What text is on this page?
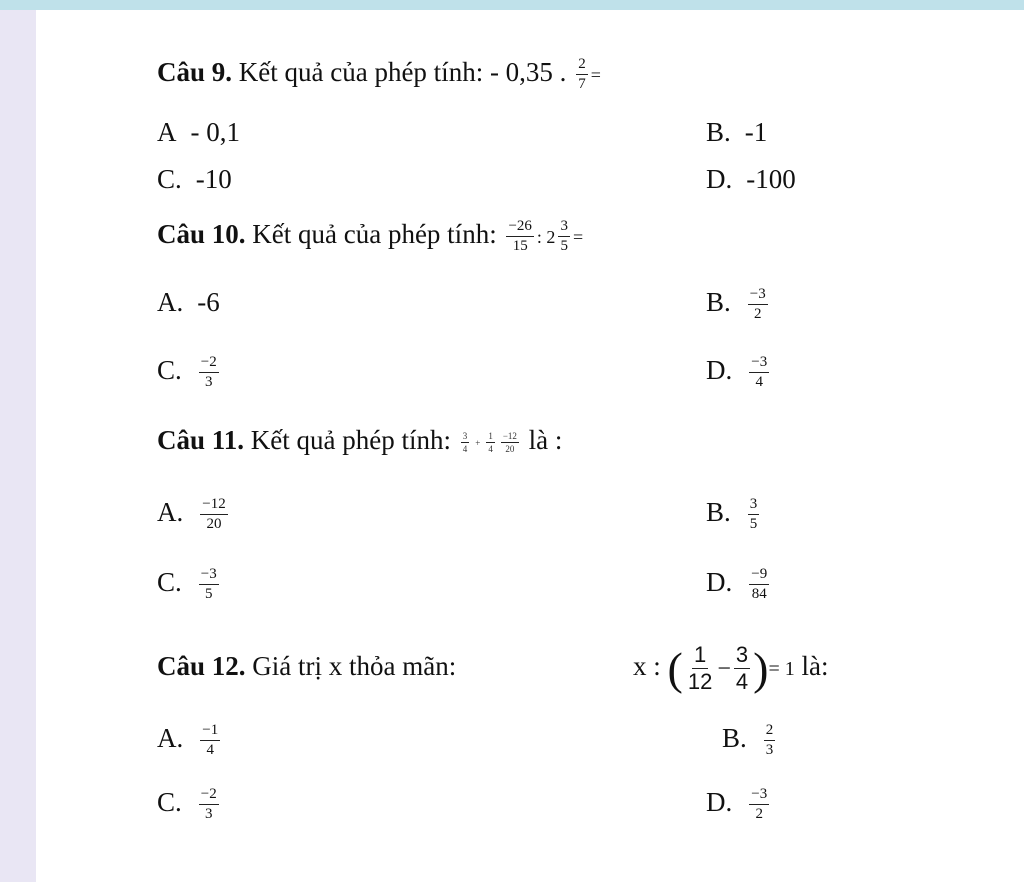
Câu 9. Kết quả của phép tính: - 0,35 . $\frac{2}{7}$ =
A - 0,1	B. -1
C. -10	D. -100
Câu 10. Kết quả của phép tính: $\frac{-26}{15}$ : $2 \frac{3}{5}$ =
A. -6	B. $\frac{-3}{2}$
C. $\frac{-2}{3}$	D. $\frac{-3}{4}$
Câu 11. Kết quả phép tính: $\frac{3}{4} + \frac{1}{4} \frac{-12}{20}$ là :
A. $\frac{-12}{20}$	B. $\frac{3}{5}$
C. $\frac{-3}{5}$	D. $\frac{-9}{84}$
Câu 12. Giá trị x thỏa mãn:	x : ( $\frac{1}{12} - \frac{3}{4}$ )= 1 là:
A. $\frac{-1}{4}$	B. $\frac{2}{3}$
C. $\frac{-2}{3}$	D. $\frac{-3}{2}$
